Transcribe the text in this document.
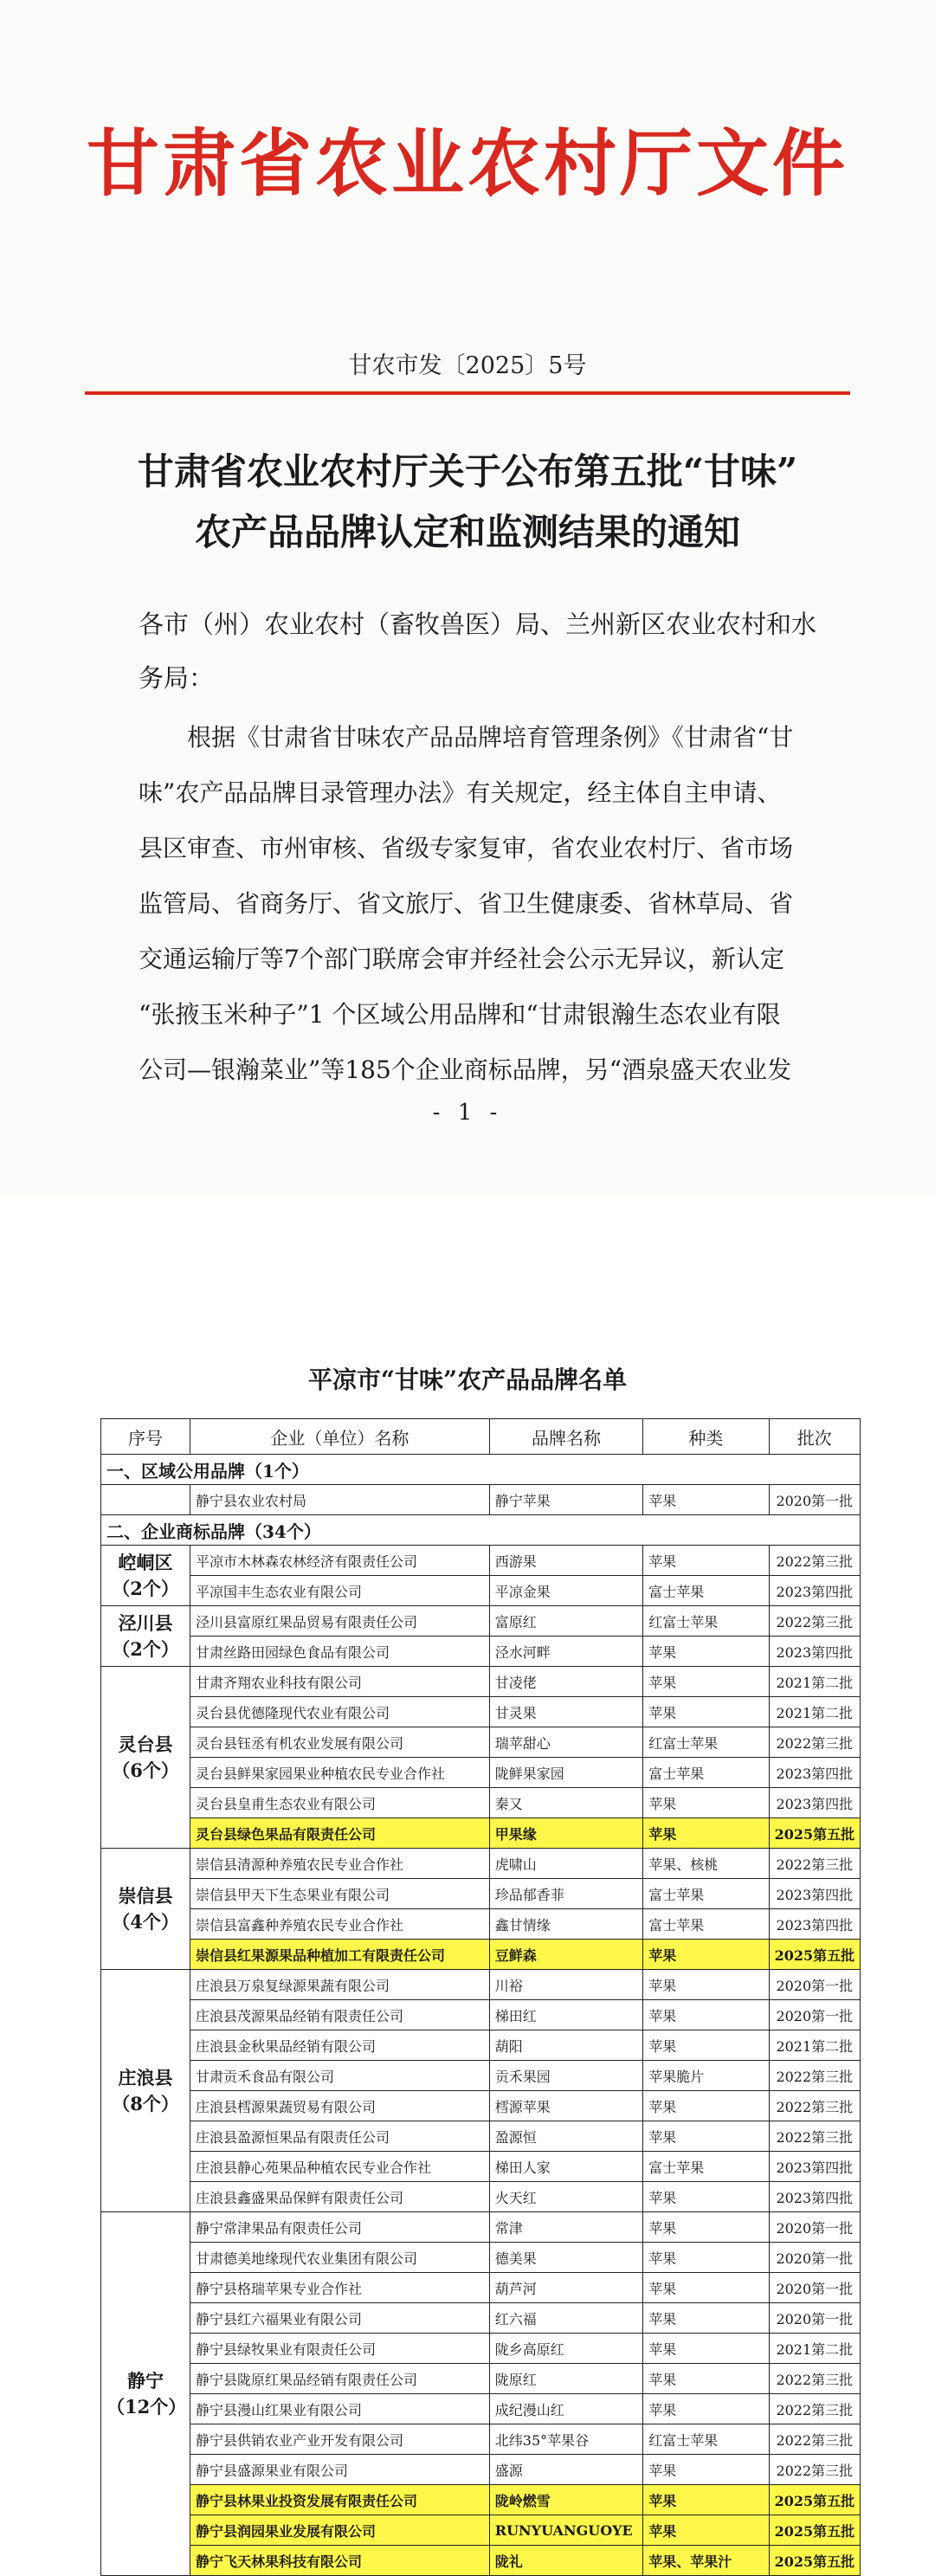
甘肃省农业农村厅文件
甘农市发〔2025〕5号
甘肃省农业农村厅关于公布第五批“甘味”
农产品品牌认定和监测结果的通知
各市（州）农业农村（畜牧兽医）局、兰州新区农业农村和水
务局：
根据《甘肃省甘味农产品品牌培育管理条例》《甘肃省“甘
味”农产品品牌目录管理办法》有关规定，经主体自主申请、
县区审查、市州审核、省级专家复审，省农业农村厅、省市场
监管局、省商务厅、省文旅厅、省卫生健康委、省林草局、省
交通运输厅等7个部门联席会审并经社会公示无异议，新认定
“张掖玉米种子”1 个区域公用品牌和“甘肃银瀚生态农业有限
公司—银瀚菜业”等185个企业商标品牌，另“酒泉盛天农业发
- 1 -
平凉市“甘味”农产品品牌名单
序号	企业（单位）名称	品牌名称	种类	批次
一、区域公用品牌（1个）				
	静宁县农业农村局	静宁苹果	苹果	2020第一批
二、企业商标品牌（34个）				
崆峒区
（2个）	平凉市木林森农林经济有限责任公司	西游果	苹果	2022第三批
	平凉国丰生态农业有限公司	平凉金果	富士苹果	2023第四批
泾川县
（2个）	泾川县富原红果品贸易有限责任公司	富原红	红富士苹果	2022第三批
	甘肃丝路田园绿色食品有限公司	泾水河畔	苹果	2023第四批
灵台县
（6个）	甘肃齐翔农业科技有限公司	甘凌佬	苹果	2021第二批
	灵台县优德隆现代农业有限公司	甘灵果	苹果	2021第二批
	灵台县钰丞有机农业发展有限公司	瑞苹甜心	红富士苹果	2022第三批
	灵台县鲜果家园果业种植农民专业合作社	陇鲜果家园	富士苹果	2023第四批
	灵台县皇甫生态农业有限公司	秦又	苹果	2023第四批
	灵台县绿色果品有限责任公司	甲果缘	苹果	2025第五批
崇信县
（4个）	崇信县清源种养殖农民专业合作社	虎啸山	苹果、核桃	2022第三批
	崇信县甲天下生态果业有限公司	珍品郁香菲	富士苹果	2023第四批
	崇信县富鑫种养殖农民专业合作社	鑫甘情缘	富士苹果	2023第四批
	崇信县红果源果品种植加工有限责任公司	豆鲜森	苹果	2025第五批
庄浪县
（8个）	庄浪县万泉复绿源果蔬有限公司	川裕	苹果	2020第一批
	庄浪县茂源果品经销有限责任公司	梯田红	苹果	2020第一批
	庄浪县金秋果品经销有限公司	葫阳	苹果	2021第二批
	甘肃贡禾食品有限公司	贡禾果园	苹果脆片	2022第三批
	庄浪县樰源果蔬贸易有限公司	樰源苹果	苹果	2022第三批
	庄浪县盈源恒果品有限责任公司	盈源恒	苹果	2022第三批
	庄浪县静心苑果品种植农民专业合作社	梯田人家	富士苹果	2023第四批
	庄浪县鑫盛果品保鲜有限责任公司	火天红	苹果	2023第四批
静宁
（12个）	静宁常津果品有限责任公司	常津	苹果	2020第一批
	甘肃德美地缘现代农业集团有限公司	德美果	苹果	2020第一批
	静宁县格瑞苹果专业合作社	葫芦河	苹果	2020第一批
	静宁县红六福果业有限公司	红六福	苹果	2020第一批
	静宁县绿牧果业有限责任公司	陇乡高原红	苹果	2021第二批
	静宁县陇原红果品经销有限责任公司	陇原红	苹果	2022第三批
	静宁县漫山红果业有限公司	成纪漫山红	苹果	2022第三批
	静宁县供销农业产业开发有限公司	北纬35°苹果谷	红富士苹果	2022第三批
	静宁县盛源果业有限公司	盛源	苹果	2022第三批
	静宁县林果业投资发展有限责任公司	陇岭燃雪	苹果	2025第五批
	静宁县润园果业发展有限公司	RUNYUANGUOYE	苹果	2025第五批
	静宁飞天林果科技有限公司	陇礼	苹果、苹果汁	2025第五批
